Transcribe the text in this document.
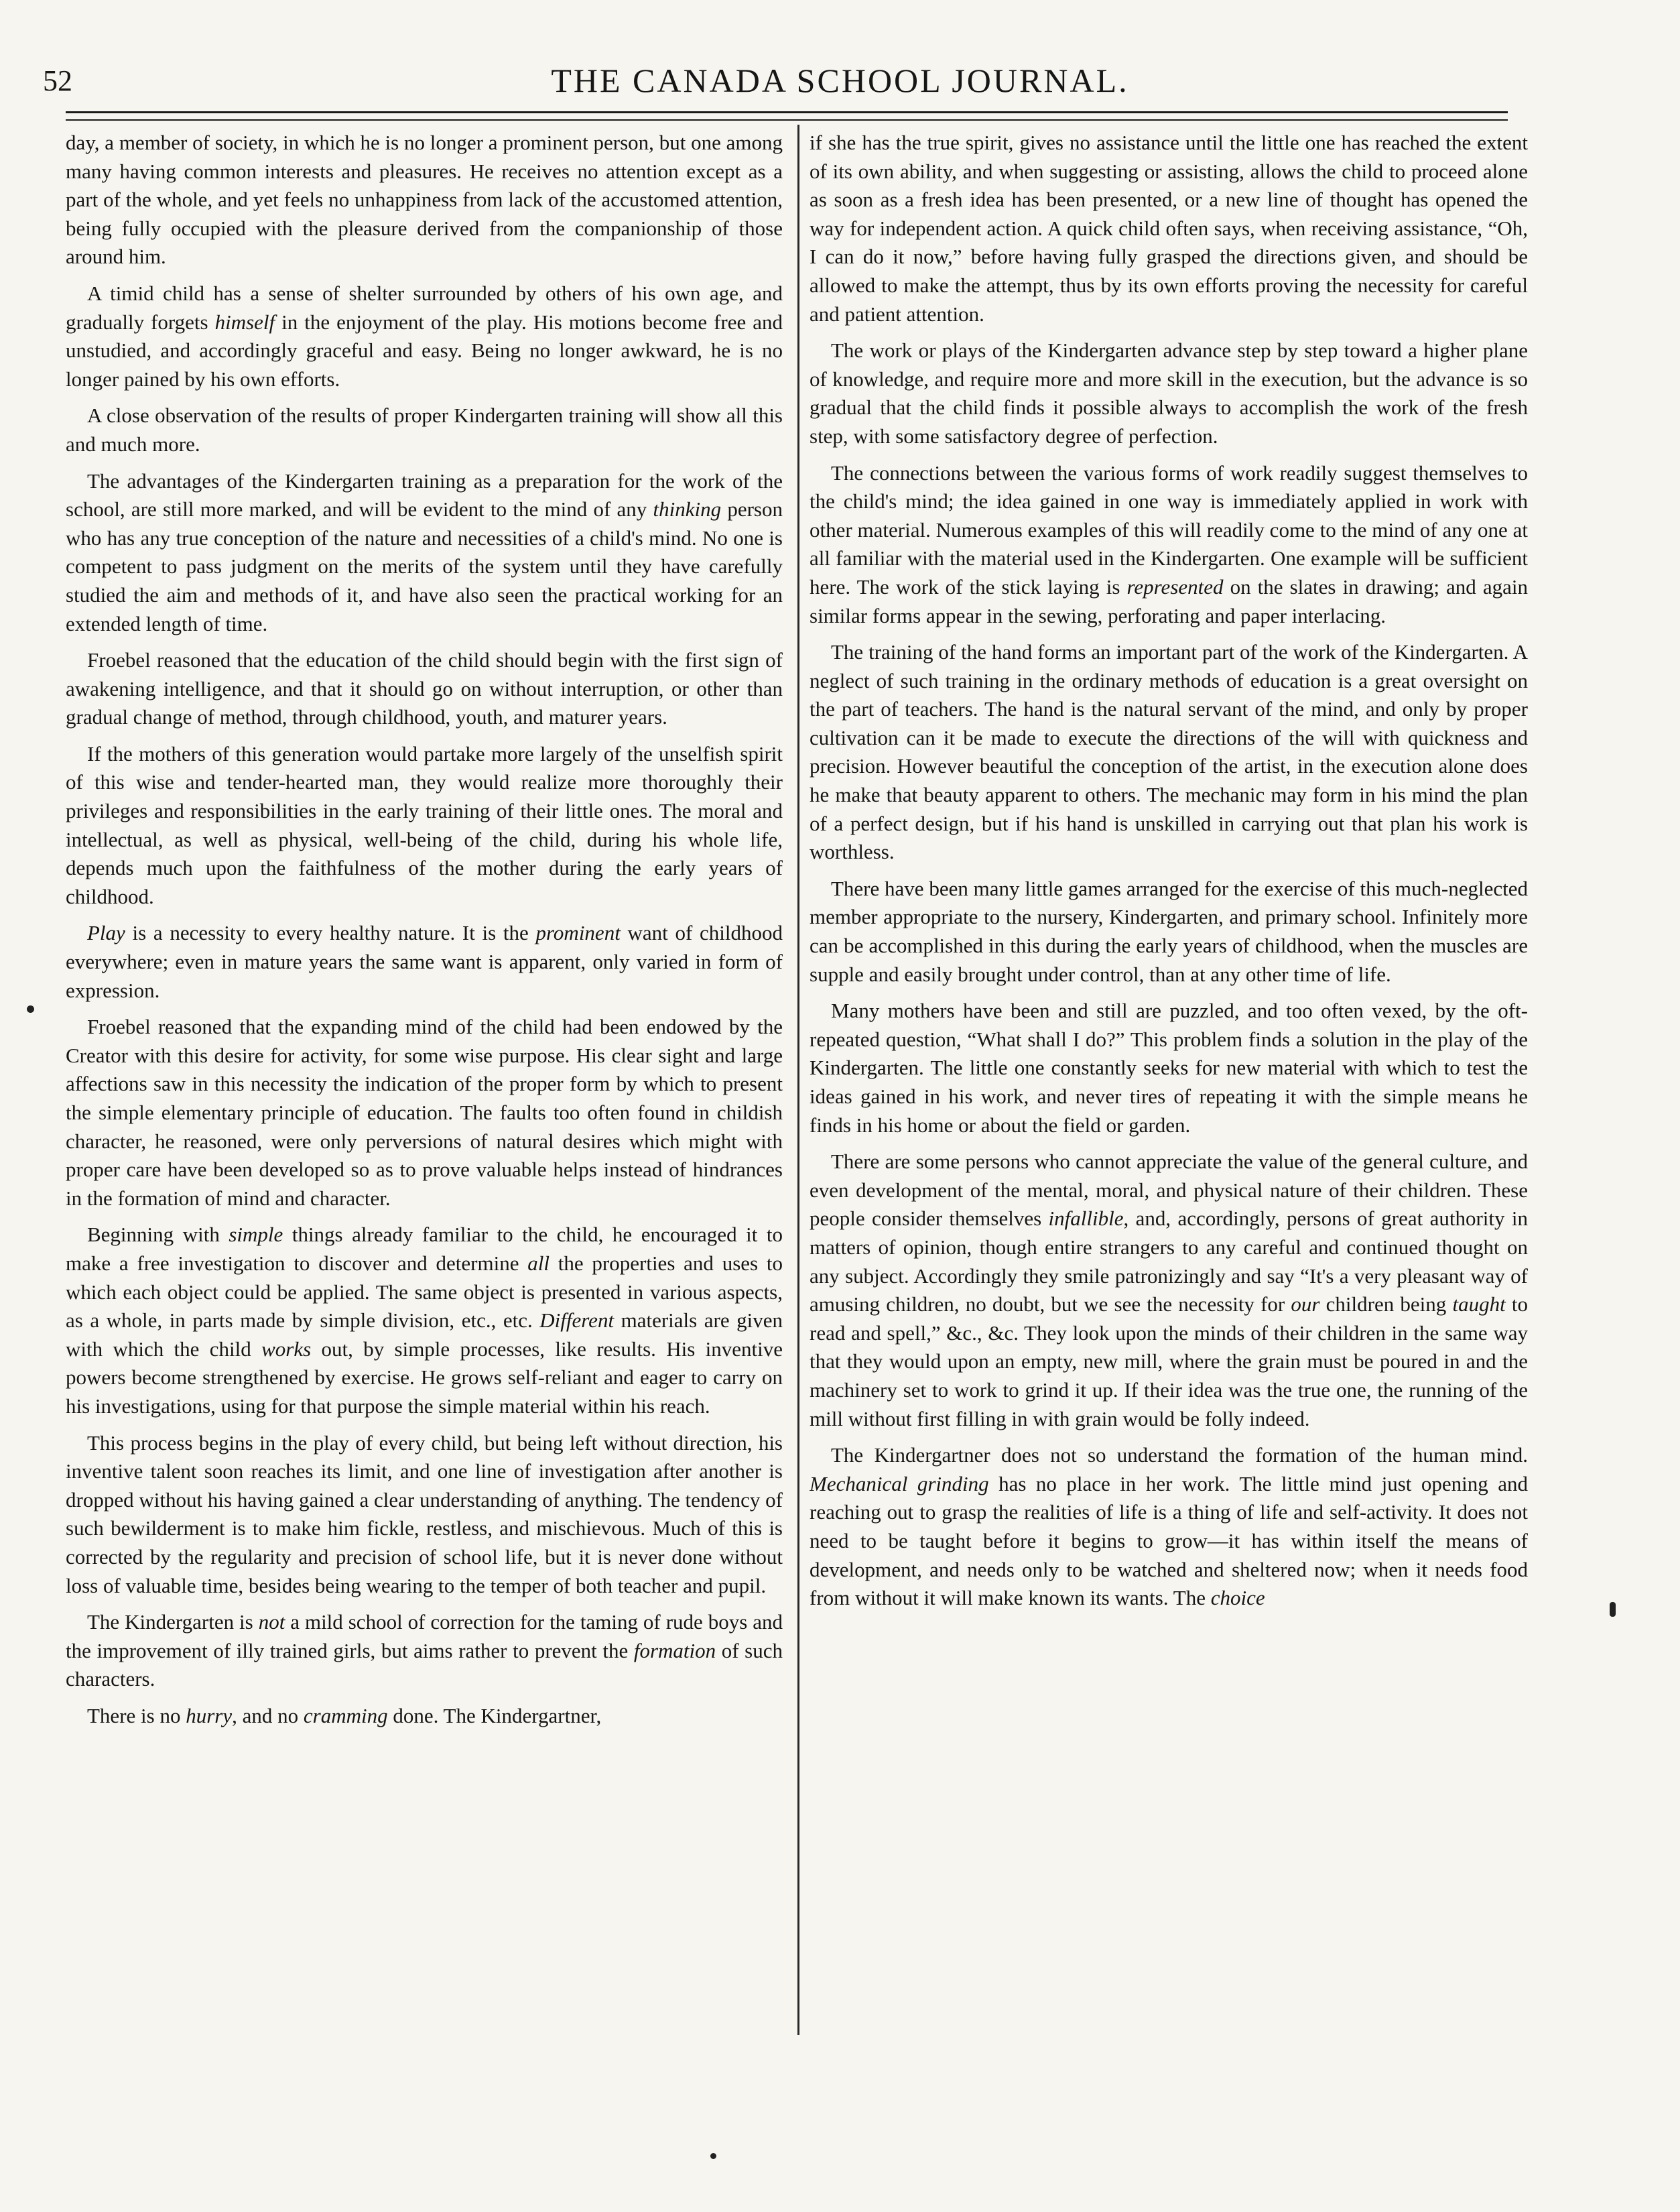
52	THE CANADA SCHOOL JOURNAL.

day, a member of society, in which he is no longer a prominent person, but one among many having common interests and pleasures. He receives no attention except as a part of the whole, and yet feels no unhappiness from lack of the accustomed attention, being fully occupied with the pleasure derived from the companionship of those around him.

A timid child has a sense of shelter surrounded by others of his own age, and gradually forgets himself in the enjoyment of the play. His motions become free and unstudied, and accordingly graceful and easy. Being no longer awkward, he is no longer pained by his own efforts.

A close observation of the results of proper Kindergarten training will show all this and much more.

The advantages of the Kindergarten training as a preparation for the work of the school, are still more marked, and will be evident to the mind of any thinking person who has any true conception of the nature and necessities of a child's mind. No one is competent to pass judgment on the merits of the system until they have carefully studied the aim and methods of it, and have also seen the practical working for an extended length of time.

Froebel reasoned that the education of the child should begin with the first sign of awakening intelligence, and that it should go on without interruption, or other than gradual change of method, through childhood, youth, and maturer years.

If the mothers of this generation would partake more largely of the unselfish spirit of this wise and tender-hearted man, they would realize more thoroughly their privileges and responsibilities in the early training of their little ones. The moral and intellectual, as well as physical, well-being of the child, during his whole life, depends much upon the faithfulness of the mother during the early years of childhood.

Play is a necessity to every healthy nature. It is the prominent want of childhood everywhere; even in mature years the same want is apparent, only varied in form of expression.

Froebel reasoned that the expanding mind of the child had been endowed by the Creator with this desire for activity, for some wise purpose. His clear sight and large affections saw in this necessity the indication of the proper form by which to present the simple elementary principle of education. The faults too often found in childish character, he reasoned, were only perversions of natural desires which might with proper care have been developed so as to prove valuable helps instead of hindrances in the formation of mind and character.

Beginning with simple things already familiar to the child, he encouraged it to make a free investigation to discover and determine all the properties and uses to which each object could be applied. The same object is presented in various aspects, as a whole, in parts made by simple division, etc., etc. Different materials are given with which the child works out, by simple processes, like results. His inventive powers become strengthened by exercise. He grows self-reliant and eager to carry on his investigations, using for that purpose the simple material within his reach.

This process begins in the play of every child, but being left without direction, his inventive talent soon reaches its limit, and one line of investigation after another is dropped without his having gained a clear understanding of anything. The tendency of such bewilderment is to make him fickle, restless, and mischievous. Much of this is corrected by the regularity and precision of school life, but it is never done without loss of valuable time, besides being wearing to the temper of both teacher and pupil.

The Kindergarten is not a mild school of correction for the taming of rude boys and the improvement of illy trained girls, but aims rather to prevent the formation of such characters.

There is no hurry, and no cramming done. The Kindergartner,

if she has the true spirit, gives no assistance until the little one has reached the extent of its own ability, and when suggesting or assisting, allows the child to proceed alone as soon as a fresh idea has been presented, or a new line of thought has opened the way for independent action. A quick child often says, when receiving assistance, “Oh, I can do it now,” before having fully grasped the directions given, and should be allowed to make the attempt, thus by its own efforts proving the necessity for careful and patient attention.

The work or plays of the Kindergarten advance step by step toward a higher plane of knowledge, and require more and more skill in the execution, but the advance is so gradual that the child finds it possible always to accomplish the work of the fresh step, with some satisfactory degree of perfection.

The connections between the various forms of work readily suggest themselves to the child's mind; the idea gained in one way is immediately applied in work with other material. Numerous examples of this will readily come to the mind of any one at all familiar with the material used in the Kindergarten. One example will be sufficient here. The work of the stick laying is represented on the slates in drawing; and again similar forms appear in the sewing, perforating and paper interlacing.

The training of the hand forms an important part of the work of the Kindergarten. A neglect of such training in the ordinary methods of education is a great oversight on the part of teachers. The hand is the natural servant of the mind, and only by proper cultivation can it be made to execute the directions of the will with quickness and precision. However beautiful the conception of the artist, in the execution alone does he make that beauty apparent to others. The mechanic may form in his mind the plan of a perfect design, but if his hand is unskilled in carrying out that plan his work is worthless.

There have been many little games arranged for the exercise of this much-neglected member appropriate to the nursery, Kindergarten, and primary school. Infinitely more can be accomplished in this during the early years of childhood, when the muscles are supple and easily brought under control, than at any other time of life.

Many mothers have been and still are puzzled, and too often vexed, by the oft-repeated question, “What shall I do?” This problem finds a solution in the play of the Kindergarten. The little one constantly seeks for new material with which to test the ideas gained in his work, and never tires of repeating it with the simple means he finds in his home or about the field or garden.

There are some persons who cannot appreciate the value of the general culture, and even development of the mental, moral, and physical nature of their children. These people consider themselves infallible, and, accordingly, persons of great authority in matters of opinion, though entire strangers to any careful and continued thought on any subject. Accordingly they smile patronizingly and say “It's a very pleasant way of amusing children, no doubt, but we see the necessity for our children being taught to read and spell,” &c., &c. They look upon the minds of their children in the same way that they would upon an empty, new mill, where the grain must be poured in and the machinery set to work to grind it up. If their idea was the true one, the running of the mill without first filling in with grain would be folly indeed.

The Kindergartner does not so understand the formation of the human mind. Mechanical grinding has no place in her work. The little mind just opening and reaching out to grasp the realities of life is a thing of life and self-activity. It does not need to be taught before it begins to grow—it has within itself the means of development, and needs only to be watched and sheltered now; when it needs food from without it will make known its wants. The choice
